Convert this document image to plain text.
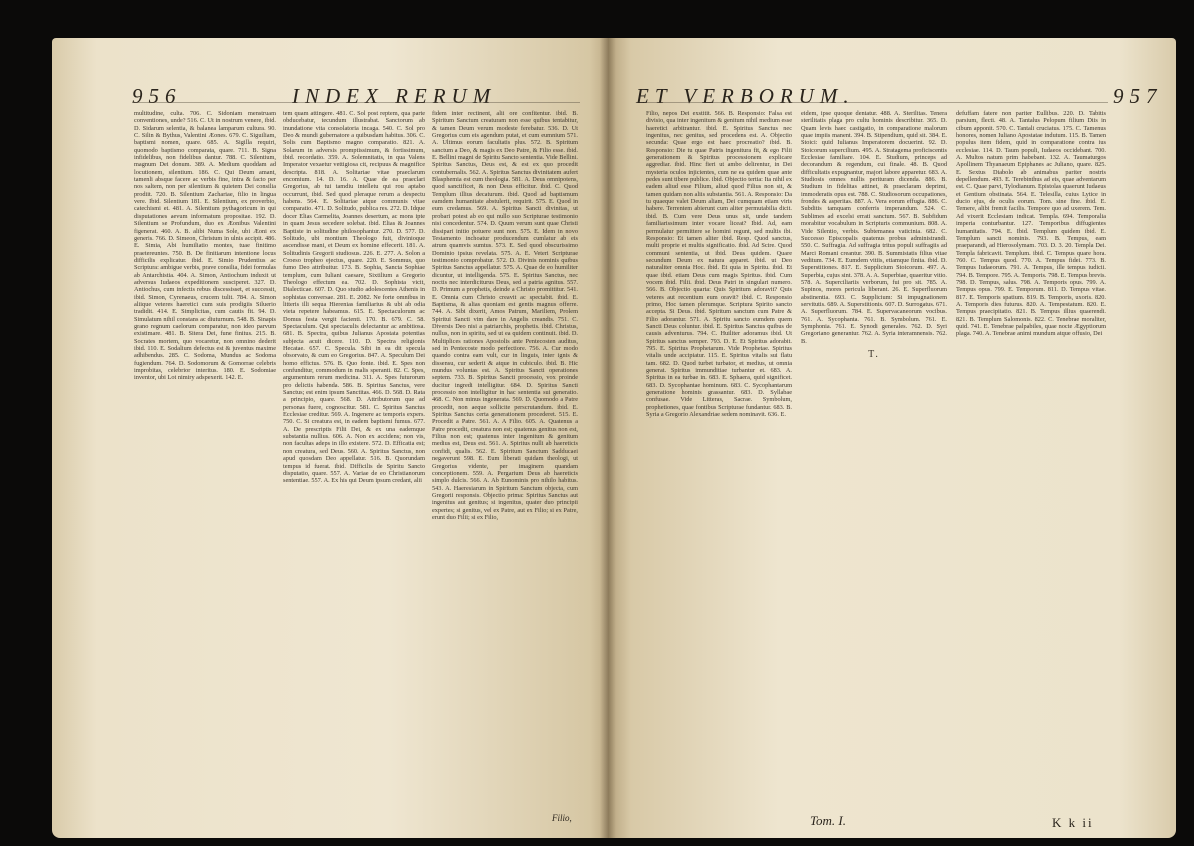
956	INDEX RERUM

multitudine, culta. 706. C. Sidoniam menstruam conventiones, unde? 516. C. Ut in nostrum venere, ibid. D. Sidarum selentia, & balanea lamparum cultura. 90. C. Silin & Bythus, Valentini Æones. 679. C. Siguiliam, baptismi nomen, quare. 685. A. Sigilla requiri, quomodo baptismo comparata, quare. 711. B. Signa infidelibus, non fidelibus dantur. 788. C. Silentium, magnum Dei donum. 389. A. Medium quoddam ad locutionem, silentium. 186. C. Qui Deum amant, tamenli absque facere ac verbis fine, intra & facto per nos saltem, non per silentium & quietem Dei consilia prodiit. 720. B. Silentium Zachariae, filio in lingua vere. Ibid. Silentium 181. E. Silentium, ex proverbio, catechismi et. 481. A. Silentium pythagoricum in qui disputationes aevum informatum propositae. 192. D. Silentium se Profundum, duo ex Æonibus Valentini figenerat. 460. A. B. alibi Numa Sole, ubi Æoni ex generis. 766. D. Simeon, Christum in ulnis accipit. 486. E. Simia, Abi humiliatio montes, tuae finitimo praetereuntes. 750. B. De finitiarum intentione locus difficilis explicatur. ibid. E. Simio Prudentius ac Scriptura: ambigue verbis, prave consilia, fidei formulas ab Antarchistia. 404. A. Simon, Antiochum induxit ut adversus Iudaeos expeditionem susciperet. 327. D. Antiochus, cum infectis rebus discessisset, et successit, ibid. Simon, Cyrenaeus, crucem tulit. 784. A. Simon aliique veteres haeretici cum suis prodigiis Siluerio tradidit. 414. E. Simplicitas, cum cautis fit. 94. D. Simulatum nihil constans ac diuturnum. 548. B. Sinapis grano regnum caelorum comparatur, non ideo parvum existimare. 481. B. Sitera Dei, fune finitus. 215. B. Socrates mortem, quo vocaretur, non omnino dederit ibid. 110. E. Sodalium defectus est & juventus maxime adhibendus. 285. C. Sodoma, Mundus ac Sodoma fugiendum. 764. D. Sodomorum & Gomorrae celebris improbitas, celebrior interitus. 180. E. Sodomiae inventor, ubi Lot nimiry adspexerit. 142. E.

tem quam attingere. 481. C. Sol post reptem, qua parte obducebatur, tecundum illustrabat. Sanctorum ab inundatione vita consolatoria incaga. 540. C. Sol pro Deo & mundi gubernatore a quibusdam habitus. 306. C. Solis cum Baptismo magno comparatio. 821. A. Solarum in adversis promptissimum, & fortissimum, ibid. recordatio. 359. A. Solemnitatis, in qua Valens Imperator vexaetur vettigiosa cit, recipuus & magnifice descripta. 818. A. Solitariae vitae praeclarum encomium. 14. D. 16. A. Quae de ea praeclari Gregorius, ab tui tamdiu intelletu qui rou aptabo occurrunt, ibid. Sed quod pleraque rerum a despectu habens. 564. E. Solitariae atque communis vitae comparatio. 471. D. Solitudo, publica res. 272. D. Idque docer Elias Carmelita, Joannes desertum, ac mons ipte in quam Jesus secedere solebat. ibid. Elias & Joannes Baptiste in solitudine philosophantur. 270. D. 577. D. Solitudo, ubi montium Theologo fuit, divinioque ascendisse mani, et Deum ex homine effecerit. 181. A. Solitudinis Gregorii studiosus. 226. E. 277. A. Solon a Croeso tropheo ejectus, quare. 220. E. Sommus, quo fumo Deo attribuitur. 173. B. Sophia, Sancta Sophiae templum, cum Iuliani caesare, Sixtilium a Gregorio Theologo effectum ea. 702. D. Sophista vicit, Dialecticae. 607. D. Quo studio adolescentes Athenis in sophistas conversae. 281. E. 2082. Ne forte omnibus in litteris illi sequa Hierenias familiarius & ubi ab odia vieta repetere habeamus. 615. E. Spectaculorum ac Domus festa vergit facienti. 170. B. 679. C. 58. Spectaculum. Qui spectaculis delectantur ac ambitiosa. 681. B. Spectra, quibus Julianus Apostata potentias subjecta acuit dicere. 110. D. Spectra religionis Hecatae. 657. C. Specula. Sibi in ea dit specula obsorvato, & cum eo Gregorius. 847. A. Speculum Dei homo effictus. 576. B. Quo fonte. ibid. E. Spes non confunditur, commodum in malis speranti. 82. C. Spes, argumentum rerum medicina. 311. A. Spes futurorum pro delictis habenda. 586. B. Spiritus Sanctus, vere Sanctus; est enim ipsum Sanctitas. 466. D. 568. D. Rata a principio, quare. 568. D. Attributorum que ad personas fuere, cognoscitur. 581. C. Spiritus Sanctus Ecclesiae creditur. 569. A. Ingenere ac temporis expers. 750. C. Si creatura est, in eadem baptismi fumus. 677. A. De prescriptis Filii Dei, & ex una eademque substantia nullius. 606. A. Non ex accidens; non vis, non facultas adeps in illo existere. 572. D. Efficatia est; non creatura, sed Deus. 560. A. Spiritus Sanctus, non apud quosdam Deo appellatur. 516. B. Quorundam tempus id fuerat. ibid. Difficilis de Spiritu Sancto disputatio, quare. 557. A. Variae de eo Christianorum sententiae. 557. A. Ex his qui Deum ipsum credant, alii

fidem inter rectinent, alii ore confitentur. ibid. B. Spiritum Sanctum creaturam non esse quibus tentabitur, & tamen Deum verum modeste ferebatur. 536. D. Ut Gregorius cum eis agendum putat, et cum eumnium 571. A. Ultimus eorum facultatis plus. 572. B. Spiritum sanctum a Deo, & magis ex Deo Patre, & Filio esse. ibid. E. Bellini magni de Spiritu Sancto sententia. Vide Bellini. Spiritus Sanctus, Deus est, & est ex quo procedit contubernalis. 562. A. Spiritus Sanctus divinitatem aufert Blasphemia est cum theologia. 581. A. Deus omnipotens, quod sanctificet, & non Deus efficitur. ibid. C. Quod Templum illius decaturum. ibid. Quod ad baptismum eamdem humanitate abstulerit, requirit. 575. E. Quod in eum credamus. 569. A. Spiritus Sancti divinitas, ut probari potest ab eo qui nullo suo Scripturae testimonio nisi concedentur. 574. D. Quum verum sunt quae Christi dissipari initio potuere sunt non. 575. E. Idem in novo Testamento inchoatur producendum cumlatur ab eis atrum quamvis sumtus. 573. E. Sed quod obscurissimo Dominio ipsius revelata. 575. A. E. Veteri Scripturae testimonio comprobatur. 572. D. Divinis nominis quibus Spiritus Sanctus appellatur. 575. A. Quae de eo humiliter dicuntur, ut intelligenda. 575. E. Spiritus Sanctus, nec noctis nec interdiciturus Deus, sed a patria agnitus. 557. D. Primum a prophetis, deinde a Christo promittitur. 541. E. Omnia cum Christo creavit ac spectabit. ibid. E. Baptisma, & alias quoniam est gentis magnus offerre. 744. A. Sibi dixerit, Amos Patrum, Mariliem, Prolem Spiritui Sancti vim dare in Angelis creandis. 751. C. Diversis Deo nisi a patriarchis, prophetis. ibid. Christus, nullus, non in spiritu, sed ut ea quidem continuit. ibid. D. Multiplices rationes Apostolis ante Pentecosten auditus, sed in Pentecoste modo perfectiore. 756. A. Cur modo quando contra eam vult, cur in linguis, inter ignis & dissensu, cur sederit & atque in cubiculo. ibid. B. Hic mundus voluntas est. A. Spiritus Sancti operationes septem. 733. B. Spiritus Sancti processio, vox proinde ducitur ingredi intelligitur. 684. D. Spiritus Sancti processio non intelligitur in hac sententia sui generatio. 468. C. Non minus ingenerata. 569. D. Quomodo a Patre procedit, non aeque sollicite perscrutandum. ibid. E. Spiritus Sanctus certa generationem procederet. 515. E. Procedit a Patre. 561. A. A Filio. 605. A. Quatenus a Patre procedit, creatura non est; quatenus genitus non est, Filius non est; quatenus inter ingenitum & genitum medius est, Deus est. 561. A. Spiritus nulli ab haereticis confidi, qualis. 562. E. Spiritum Sanctum Sadducaei negaverunt 598. E. Eum liberati quidam theologi, ut Gregorius vidente, per imaginem quandam conceptionem. 559. A. Pergarium Deus ab haereticis simplo dulcis. 566. A. Ab Eunominis pro nihilo habitus. 543. A. Haeresiarum in Spiritum Sanctum objecta, cum Gregorii responsis. Objectio prima: Spiritus Sanctus aut ingenitus aut genitus; si ingenitus, quater duo principii expertes; si genitus, vel ex Patre, aut ex Filio; si ex Patre, erunt duo Filii; si ex Filio,

Filio,
ET VERBORUM.	957

Filio, nepos Dei exstitit. 566. B. Responsio: Falsa est divisio, qua inter ingenitum & genitum nihil medium esse haeretici arbitrantur. ibid. E. Spiritus Sanctus nec ingenitus, nec genitus, sed procedens est. A. Objectio secunda: Quae ergo est haec procreatio? ibid. B. Responsio: Die tu quae Patris ingenitura fit, & ego Filii generationem & Spiritus processionem explicare aggrediar. ibid. Hinc fieri ut ambo delirentur, in Dei mysteria oculos injicientes, cum ne ea quidem quae ante pedes sunt tibere publice. ibid. Objectio tertia: Ita nihil ex eadem aliud esse Filium, aliud quod Filius non sit, & tamen quidam non aliis substantia. 561. A. Responsio: Da tu quaeque valet Deum aliam, Dei cumquam etiam viris habere. Terrentem abierunt cum aliter permutabilia dicit. ibid. B. Cum vere Deus unus sit, unde tandem familiarissimum inter vocare liceat? Ibid. Ad, eam permulatur permittere se homini regunt, sed multis ibi. Responsio: Et tamen aliter ibid. Resp. Quod sanctus, multi proprie et multis significatio. ibid. Ad Scire. Quod communi sententia, ut ibid. Deus quidem. Quare secundum Deum ex natura apparet. ibid. ut Deo naturaliter omnia Hoc. ibid. Et quia in Spiritu. ibid. Et quae ibid. etiam Deus cum magis Spiritus. ibid. Cum vocem ibid. Filii. ibid. Deus Patri in singulari numero. 566. B. Objectio quarta: Quis Spiritum adoravit? Quis veteres aut recentium eum oravit? ibid. C. Responsio primo, Hoc tamen plerumque. Scriptura Spirito sancto accepta. Si Deus. ibid. Spiritum sanctum cum Patre & Filio adorantur. 571. A. Spiritu sancto eumdem quem Sancti Deus coluntur. ibid. E. Spiritus Sanctus quibus de causis adventurus. 794. C. Huiliter adoramus ibid. Ut Spiritus sanctus semper. 793. D. E. Et Spiritus adorabit. 795. E. Spiritus Prophetarum. Vide Prophetae. Spiritus vitalis unde accipiatur. 115. E. Spiritus vitalis sui flatu tam. 682. D. Quod turbet turbator, et medius, ut omnia generat. Spiritus immunditiae turbantur et. 683. A. Spiritus in ea turbae in. 683. E. Sphaera, quid significet. 683. D. Sycophantae hominum. 683. C. Sycophantarum generatione hominis grassantur. 683. D. Syllabae confusae. Vide Litteras, Sacrae. Symbolum, prophetiones, quae fontibus Scripturae fundantur. 683. B. Syria a Gregorio Alexandriae sedem nominavit. 636. E.

eidem, ipse quoque dentatur. 488. A. Sterilitas. Tenera sterilitatis plaga pro cultu hominis describitur. 365. D. Quam levis haec castigatio, in comparatione malorum quae impiis manent. 394. B. Stipendium, quid sit. 384. E. Stoici: quid Iulianus Imperatorem docuerint. 92. D. Stoicorum supercilium. 495. A. Stratagema proficiscentis Ecclesiae familiare. 104. E. Studium, princeps ad decorandum & regendum, cui finale. 48. B. Quod difficultatis expugnantur, majori labore apparetur. 683. A. Studiosis omnes nullis perituram dicenda. 886. B. Studium in fidelitas attinet, & praeclaram deprimi, immoderatis opus est. 788. C. Studiosorum occupationes, frondes & asperitas. 887. A. Vera eorum effugia. 886. C. Subditis tamquam conferris imperandum. 524. C. Sublimes ad excelsi errati sanctum. 567. B. Subfidum morabitur vocabulum in Scripturis communium. 808. A. Vide Silentio, verbis. Subtemanea vaticinia. 682. C. Successo Episcopalis quatenus probus administrandi. 550. C. Suffragia. Ad suffragia tritus populi suffragiis ad Marci Romani creantur. 390. B. Summistatis filius vitae veditum. 734. E. Eumdem vitiis, etiamque finita. ibid. D. Superstitiones. 817. E. Supplicium Stoicorum. 497. A. Superbia, cujus sint. 378. A. A. Superbiae, quaeritur vitio. 578. A. Superciliariis verborum, fui pro sit. 785. A. Supinos, mores pericula liberant. 26. E. Superfluorum abstinentia. 693. C. Supplicium: Si impugnationem servitutis. 689. A. Superstitionis. 607. D. Surrogatus. 671. A. Superfluorum. 784. E. Supervacaneorum vocibus. 761. A. Sycophanta. 761. B. Symbolum. 761. E. Symphonia. 761. E. Synodi generales. 762. D. Syri Gregoriano generantur. 762. A. Syria interamnensis. 762. B.

T.

defuffam fatere non pariter Eullibus. 220. D. Tabitis parsium, flecti. 48. A. Tantalus Pelopum filium Diis in cibum apponit. 570. C. Tantali cruciatus. 175. C. Tamenus honores, nomen Iuliano Apostatae indutum. 115. B. Tamen populus item fidem, quid in comparatione contra ius ecclesiae. 114. D. Taum populi, Iudaeos occidebant. 700. A. Multos natum prim habebant. 132. A. Taumaturgos Apollinem Thyanaeum Epiphanes ac Juliano, quare. 825. E. Sextus Diabolo ab animabus pariter nostris depellendum. 493. E. Terebinthus ad eis, quae adventarum est. C. Quae parvi, Tylodianum. Epistolas quaerunt Iudaeus et Gentium obstinata. 564. E. Telesilla, cuius Lytice in ducio ejus, de oculis eorum. Tom. sine fine. ibid. E. Temere, alibi fremit facilis. Tempore quo ad uxerem. Tem. Ad vixerit Ecclesiam indicat. Templa. 694. Temporalia imperia conturbantur. 127. Temporibus diffugientes humanitatis. 794. E. Ibid. Templum quidem ibid. E. Templum sancti nominis. 793. B. Tempus, eam praeparandi, ad Hierosolymam. 703. D. 3. 20. Templa Dei. Templa fabricavit. Templum. ibid. C. Tempus quare hora. 760. C. Tempus quod. 770. A. Tempus fidei. 773. B. Tempus Iudaeorum. 791. A. Tempus, ille tempus iudicii. 794. B. Tempore. 795. A. Temporis. 798. E. Tempus brevis. 798. D. Tempus, salus. 798. A. Temporis opus. 799. A. Tempus opus. 799. E. Temporum. 811. D. Tempus vitae. 817. E. Temporis spatium. 819. B. Temporis, uxoris. 820. A. Temporis dies futurus. 820. A. Tempestatum. 820. E. Tempus praecipitatio. 821. B. Tempus illius quaerendi. 821. B. Templum Salomonis. 822. C. Tenebrae moraliter, quid. 741. E. Tenebrae palpabiles, quae nocte Ægyptiorum plaga. 740. A. Tenebrae animi mundum atque offusio, Dei

Tom. I.	K k ii
